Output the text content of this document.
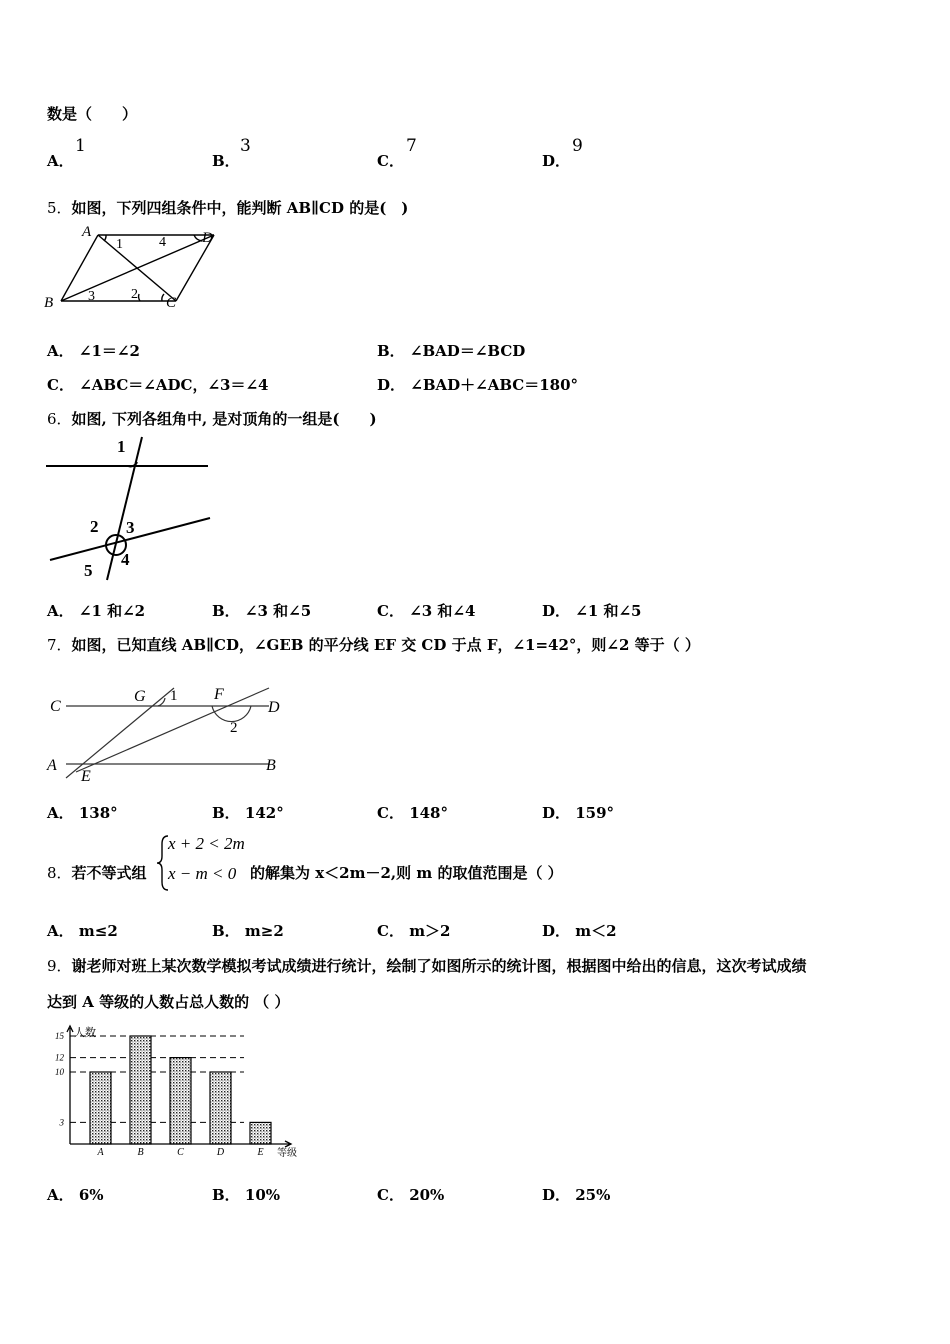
数是（　　）
A．
1
B．
3
C．
7
D．
9
5．如图，下列四组条件中，能判断 AB∥CD 的是(　)
A	D
B	C
1	4
3	2
A． ∠1＝∠2	B． ∠BAD＝∠BCD
C． ∠ABC＝∠ADC，∠3＝∠4	D． ∠BAD＋∠ABC＝180°
6．如图, 下列各组角中, 是对顶角的一组是(　　)
1
2 3
4
5
A． ∠1 和∠2	B． ∠3 和∠5	C． ∠3 和∠4	D． ∠1 和∠5
7．如图，已知直线 AB∥CD，∠GEB 的平分线 EF 交 CD 于点 F，∠1=42°，则∠2 等于（ ）
C
G	F
D
A
E
B
1
2
A． 138°	B． 142°	C． 148°	D． 159°
8．若不等式组
x + 2 < 2m
x − m < 0 的解集为 x＜2m－2,则 m 的取值范围是（ ）
A． m≤2	B． m≥2	C． m＞2	D． m＜2
9．谢老师对班上某次数学模拟考试成绩进行统计，绘制了如图所示的统计图，根据图中给出的信息，这次考试成绩
达到 A 等级的人数占总人数的 （ ）
3
10
12
15
A	B	C	D	E
人数
等级
A． 6%	B． 10%	C． 20%	D． 25%
